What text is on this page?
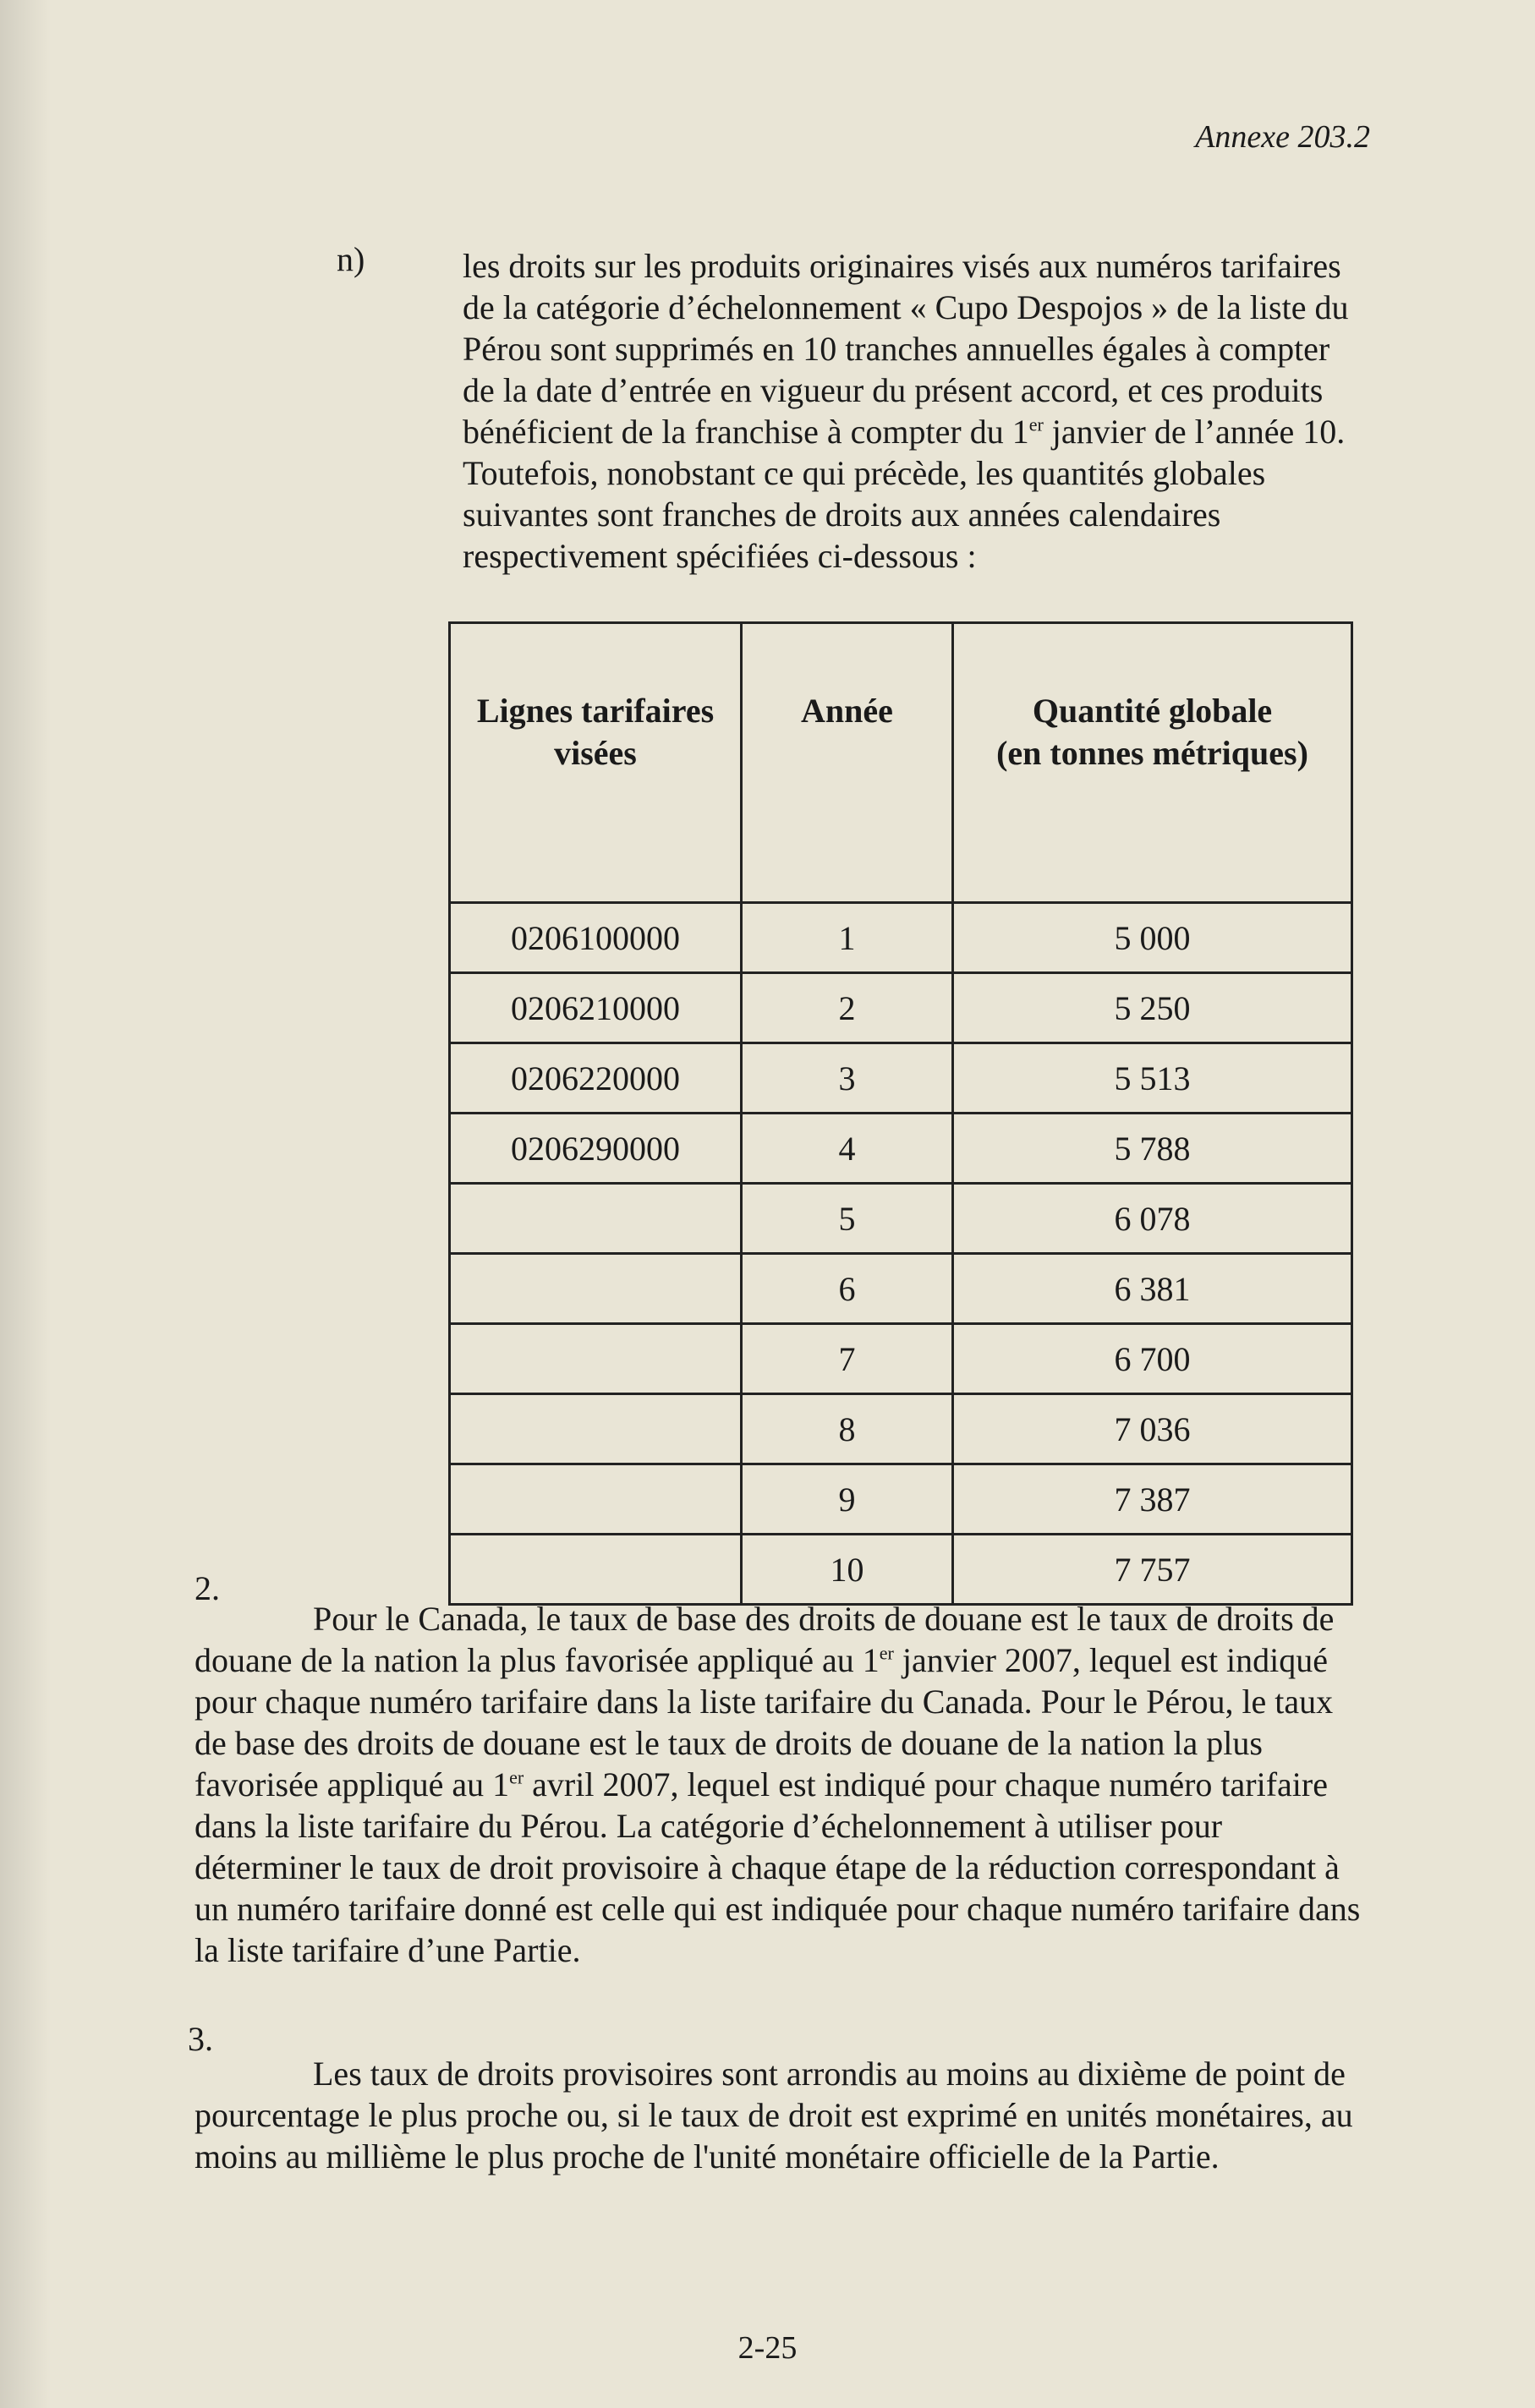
Annexe 203.2
n)	les droits sur les produits originaires visés aux numéros tarifaires de la catégorie d’échelonnement « Cupo Despojos » de la liste du Pérou sont supprimés en 10 tranches annuelles égales à compter de la date d’entrée en vigueur du présent accord, et ces produits bénéficient de la franchise à compter du 1er janvier de l’année 10. Toutefois, nonobstant ce qui précède, les quantités globales suivantes sont franches de droits aux années calendaires respectivement spécifiées ci-dessous :

Lignes tarifaires visées	Année	Quantité globale
(en tonnes métriques)
0206100000	1	5 000
0206210000	2	5 250
0206220000	3	5 513
0206290000	4	5 788
	5	6 078
	6	6 381
	7	6 700
	8	7 036
	9	7 387
	10	7 757
2.

Pour le Canada, le taux de base des droits de douane est le taux de droits de douane de la nation la plus favorisée appliqué au 1er janvier 2007, lequel est indiqué pour chaque numéro tarifaire dans la liste tarifaire du Canada. Pour le Pérou, le taux de base des droits de douane est le taux de droits de douane de la nation la plus favorisée appliqué au 1er avril 2007, lequel est indiqué pour chaque numéro tarifaire dans la liste tarifaire du Pérou. La catégorie d’échelonnement à utiliser pour déterminer le taux de droit provisoire à chaque étape de la réduction correspondant à un numéro tarifaire donné est celle qui est indiquée pour chaque numéro tarifaire dans la liste tarifaire d’une Partie.

3.

Les taux de droits provisoires sont arrondis au moins au dixième de point de pourcentage le plus proche ou, si le taux de droit est exprimé en unités monétaires, au moins au millième le plus proche de l'unité monétaire officielle de la Partie.

2-25
